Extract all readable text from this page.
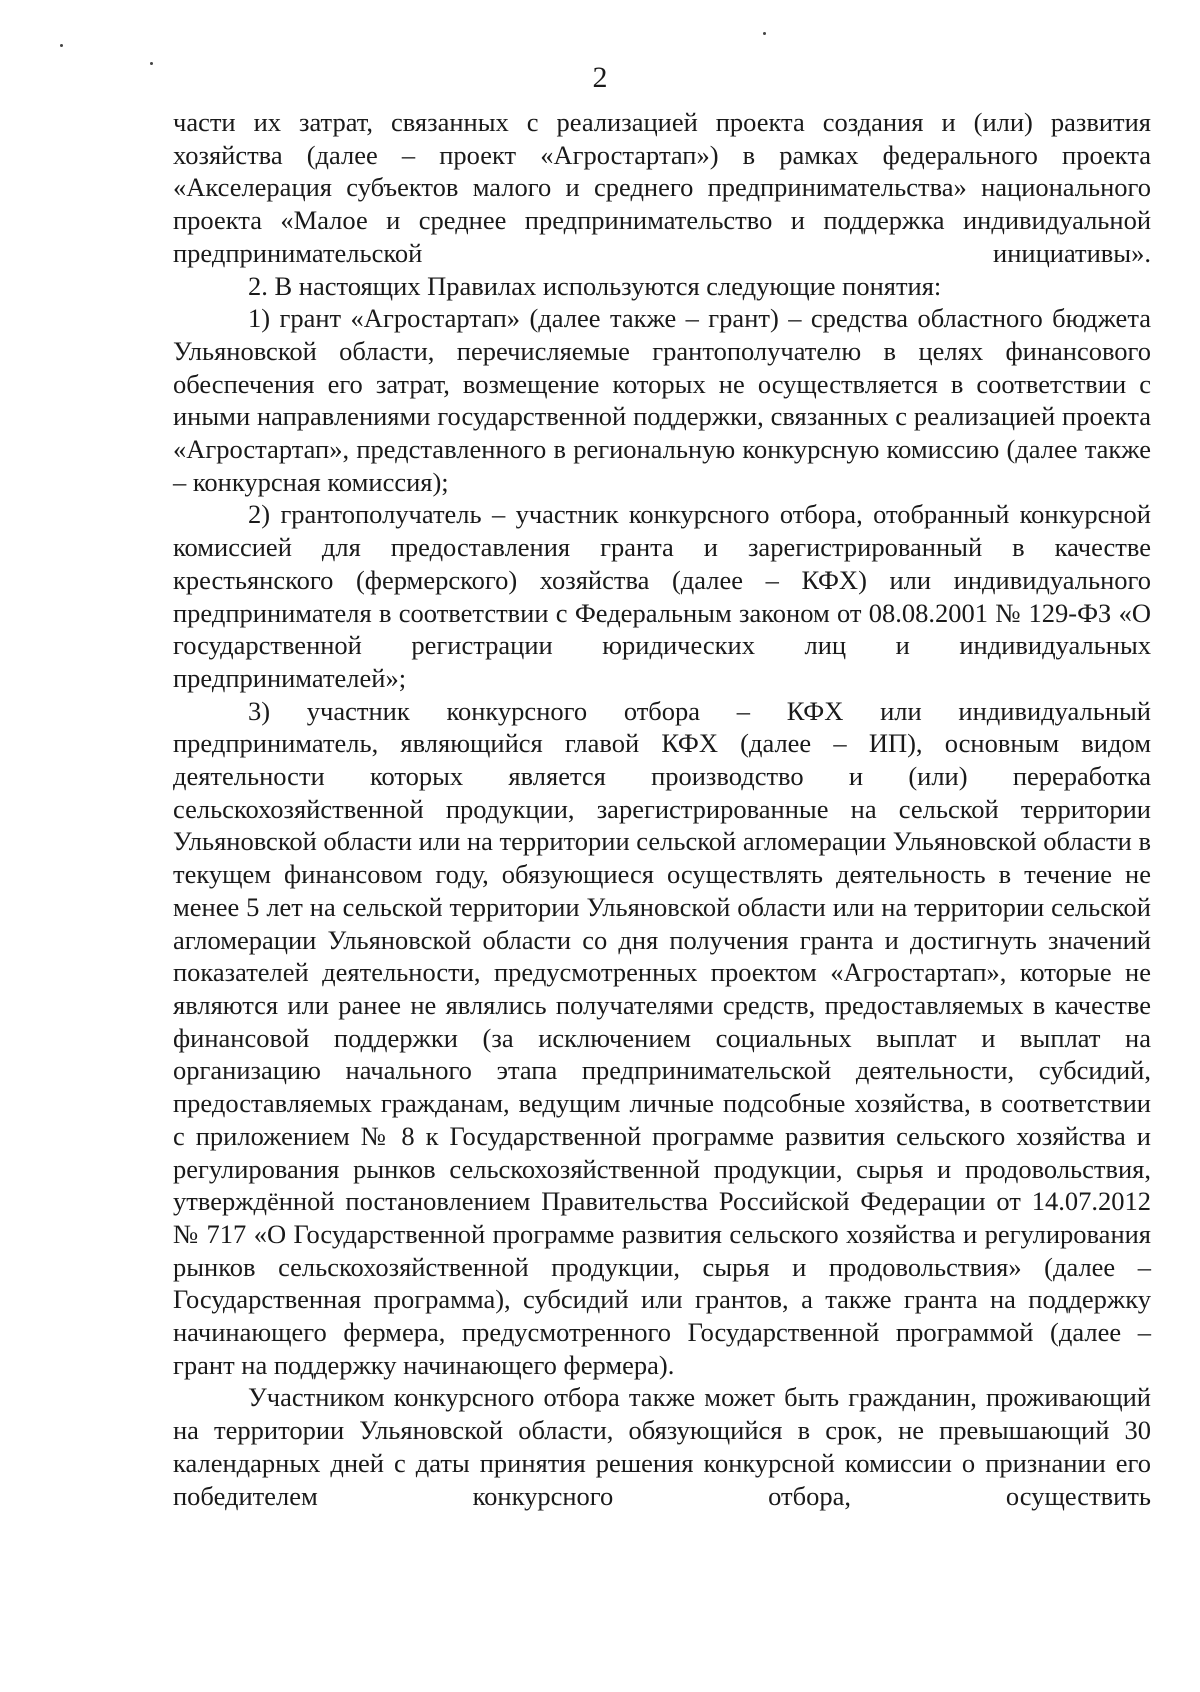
2

части их затрат, связанных с реализацией проекта создания и (или) развития хозяйства (далее – проект «Агростартап») в рамках федерального проекта «Акселерация субъектов малого и среднего предпринимательства» национального проекта «Малое и среднее предпринимательство и поддержка индивидуальной предпринимательской инициативы».

2. В настоящих Правилах используются следующие понятия:

1) грант «Агростартап» (далее также – грант) – средства областного бюджета Ульяновской области, перечисляемые грантополучателю в целях финансового обеспечения его затрат, возмещение которых не осуществляется в соответствии с иными направлениями государственной поддержки, связанных с реализацией проекта «Агростартап», представленного в региональную конкурсную комиссию (далее также – конкурсная комиссия);

2) грантополучатель – участник конкурсного отбора, отобранный конкурсной комиссией для предоставления гранта и зарегистрированный в качестве крестьянского (фермерского) хозяйства (далее – КФХ) или индивидуального предпринимателя в соответствии с Федеральным законом от 08.08.2001 № 129-ФЗ «О государственной регистрации юридических лиц и индивидуальных предпринимателей»;

3) участник конкурсного отбора – КФХ или индивидуальный предприниматель, являющийся главой КФХ (далее – ИП), основным видом деятельности которых является производство и (или) переработка сельскохозяйственной продукции, зарегистрированные на сельской территории Ульяновской области или на территории сельской агломерации Ульяновской области в текущем финансовом году, обязующиеся осуществлять деятельность в течение не менее 5 лет на сельской территории Ульяновской области или на территории сельской агломерации Ульяновской области со дня получения гранта и достигнуть значений показателей деятельности, предусмотренных проектом «Агростартап», которые не являются или ранее не являлись получателями средств, предоставляемых в качестве финансовой поддержки (за исключением социальных выплат и выплат на организацию начального этапа предпринимательской деятельности, субсидий, предоставляемых гражданам, ведущим личные подсобные хозяйства, в соответствии с приложением № 8 к Государственной программе развития сельского хозяйства и регулирования рынков сельскохозяйственной продукции, сырья и продовольствия, утверждённой постановлением Правительства Российской Федерации от 14.07.2012 № 717 «О Государственной программе развития сельского хозяйства и регулирования рынков сельскохозяйственной продукции, сырья и продовольствия» (далее – Государственная программа), субсидий или грантов, а также гранта на поддержку начинающего фермера, предусмотренного Государственной программой (далее – грант на поддержку начинающего фермера).

Участником конкурсного отбора также может быть гражданин, проживающий на территории Ульяновской области, обязующийся в срок, не превышающий 30 календарных дней с даты принятия решения конкурсной комиссии о признании его победителем конкурсного отбора, осуществить
